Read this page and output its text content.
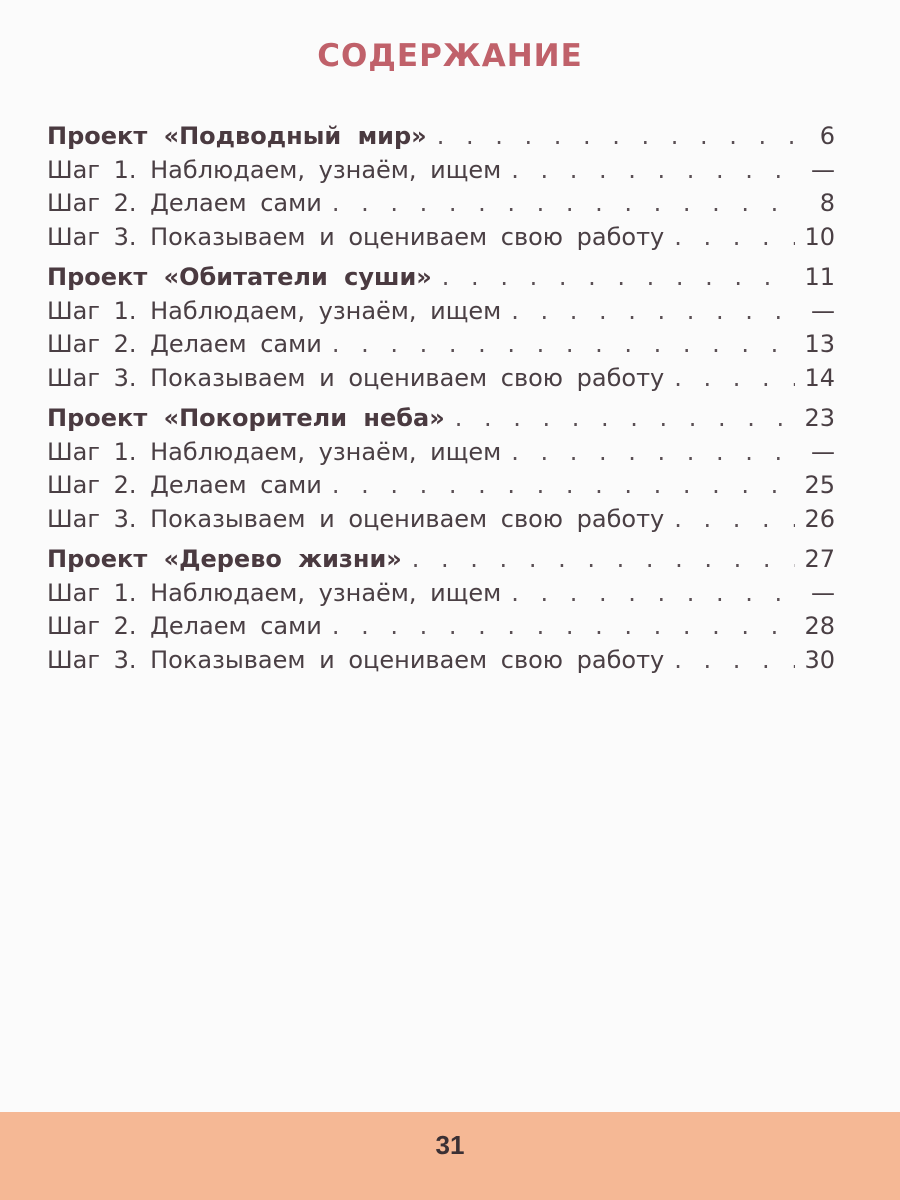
СОДЕРЖАНИЕ
Проект «Подводный мир» . . .	6
Шаг 1. Наблюдаем, узнаём, ищем . . .	—
Шаг 2. Делаем сами . . .	8
Шаг 3. Показываем и оцениваем свою работу . . .	10
Проект «Обитатели суши» . . .	11
Шаг 1. Наблюдаем, узнаём, ищем . . .	—
Шаг 2. Делаем сами . . .	13
Шаг 3. Показываем и оцениваем свою работу . . .	14
Проект «Покорители неба» . . .	23
Шаг 1. Наблюдаем, узнаём, ищем . . .	—
Шаг 2. Делаем сами . . .	25
Шаг 3. Показываем и оцениваем свою работу . . .	26
Проект «Дерево жизни» . . .	27
Шаг 1. Наблюдаем, узнаём, ищем . . .	—
Шаг 2. Делаем сами . . .	28
Шаг 3. Показываем и оцениваем свою работу . . .	30
31
